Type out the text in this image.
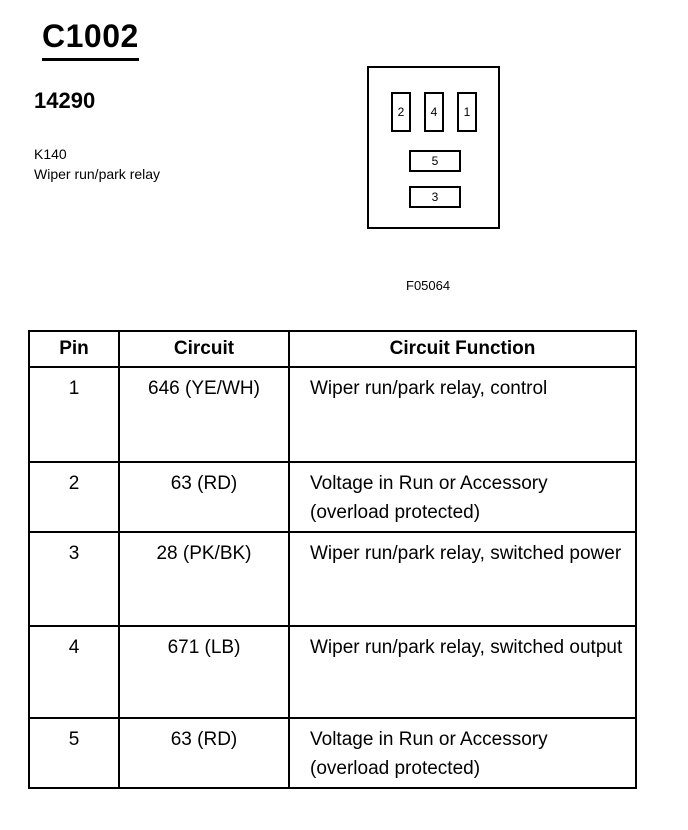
C1002
14290
K140
Wiper run/park relay
2	4	1
5
3
F05064
Pin	Circuit	Circuit Function
1	646 (YE/WH)	Wiper run/park relay, control
2	63 (RD)	Voltage in Run or Accessory (overload protected)
3	28 (PK/BK)	Wiper run/park relay, switched power
4	671 (LB)	Wiper run/park relay, switched output
5	63 (RD)	Voltage in Run or Accessory (overload protected)
